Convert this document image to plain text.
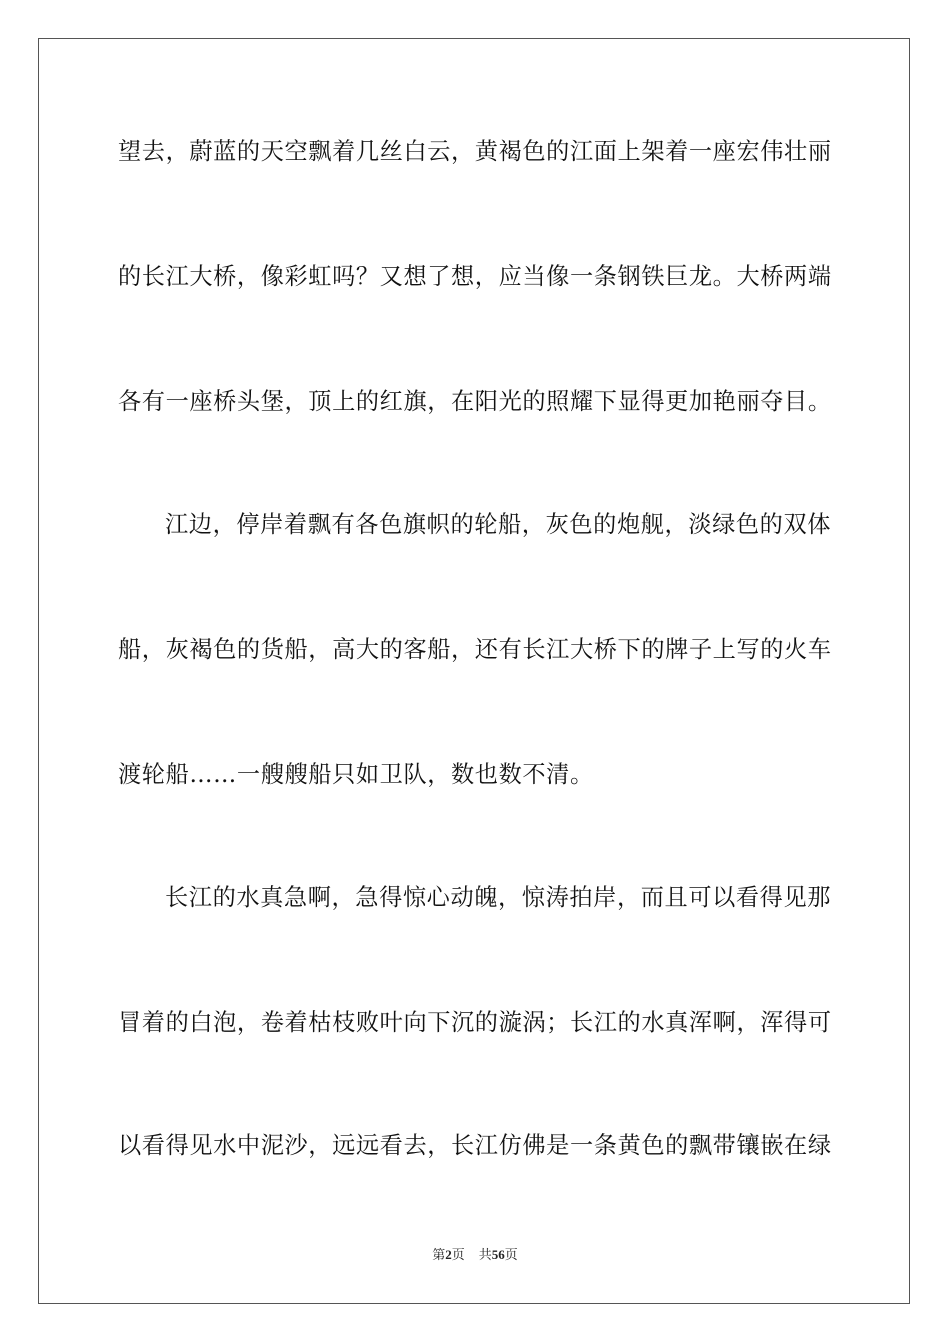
望去，蔚蓝的天空飘着几丝白云，黄褐色的江面上架着一座宏伟壮丽
的长江大桥，像彩虹吗？又想了想，应当像一条钢铁巨龙。大桥两端
各有一座桥头堡，顶上的红旗，在阳光的照耀下显得更加艳丽夺目。
江边，停岸着飘有各色旗帜的轮船，灰色的炮舰，淡绿色的双体
船，灰褐色的货船，高大的客船，还有长江大桥下的牌子上写的火车
渡轮船……一艘艘船只如卫队，数也数不清。
长江的水真急啊，急得惊心动魄，惊涛拍岸，而且可以看得见那
冒着的白泡，卷着枯枝败叶向下沉的漩涡；长江的水真浑啊，浑得可
以看得见水中泥沙，远远看去，长江仿佛是一条黄色的飘带镶嵌在绿
第2页 共56页
